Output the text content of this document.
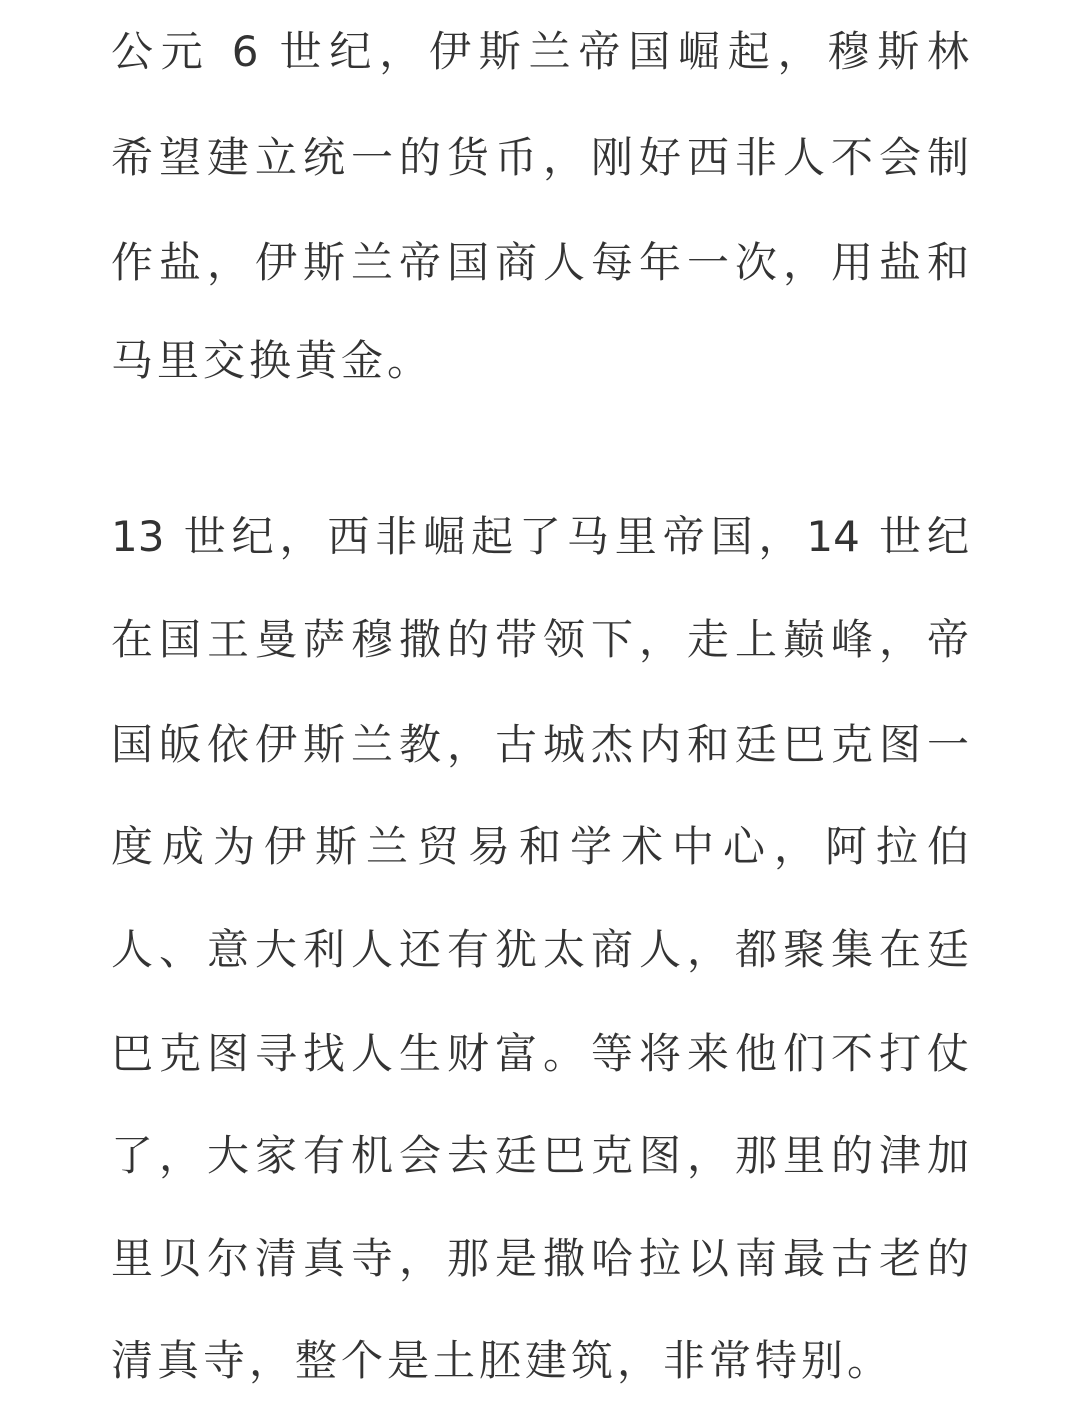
公元 6 世纪，伊斯兰帝国崛起，穆斯林
希望建立统一的货币，刚好西非人不会制
作盐，伊斯兰帝国商人每年一次，用盐和
马里交换黄金。
13 世纪，西非崛起了马里帝国，14 世纪
在国王曼萨穆撒的带领下，走上巅峰，帝
国皈依伊斯兰教，古城杰内和廷巴克图一
度成为伊斯兰贸易和学术中心，阿拉伯
人、意大利人还有犹太商人，都聚集在廷
巴克图寻找人生财富。等将来他们不打仗
了，大家有机会去廷巴克图，那里的津加
里贝尔清真寺，那是撒哈拉以南最古老的
清真寺，整个是土胚建筑，非常特别。
